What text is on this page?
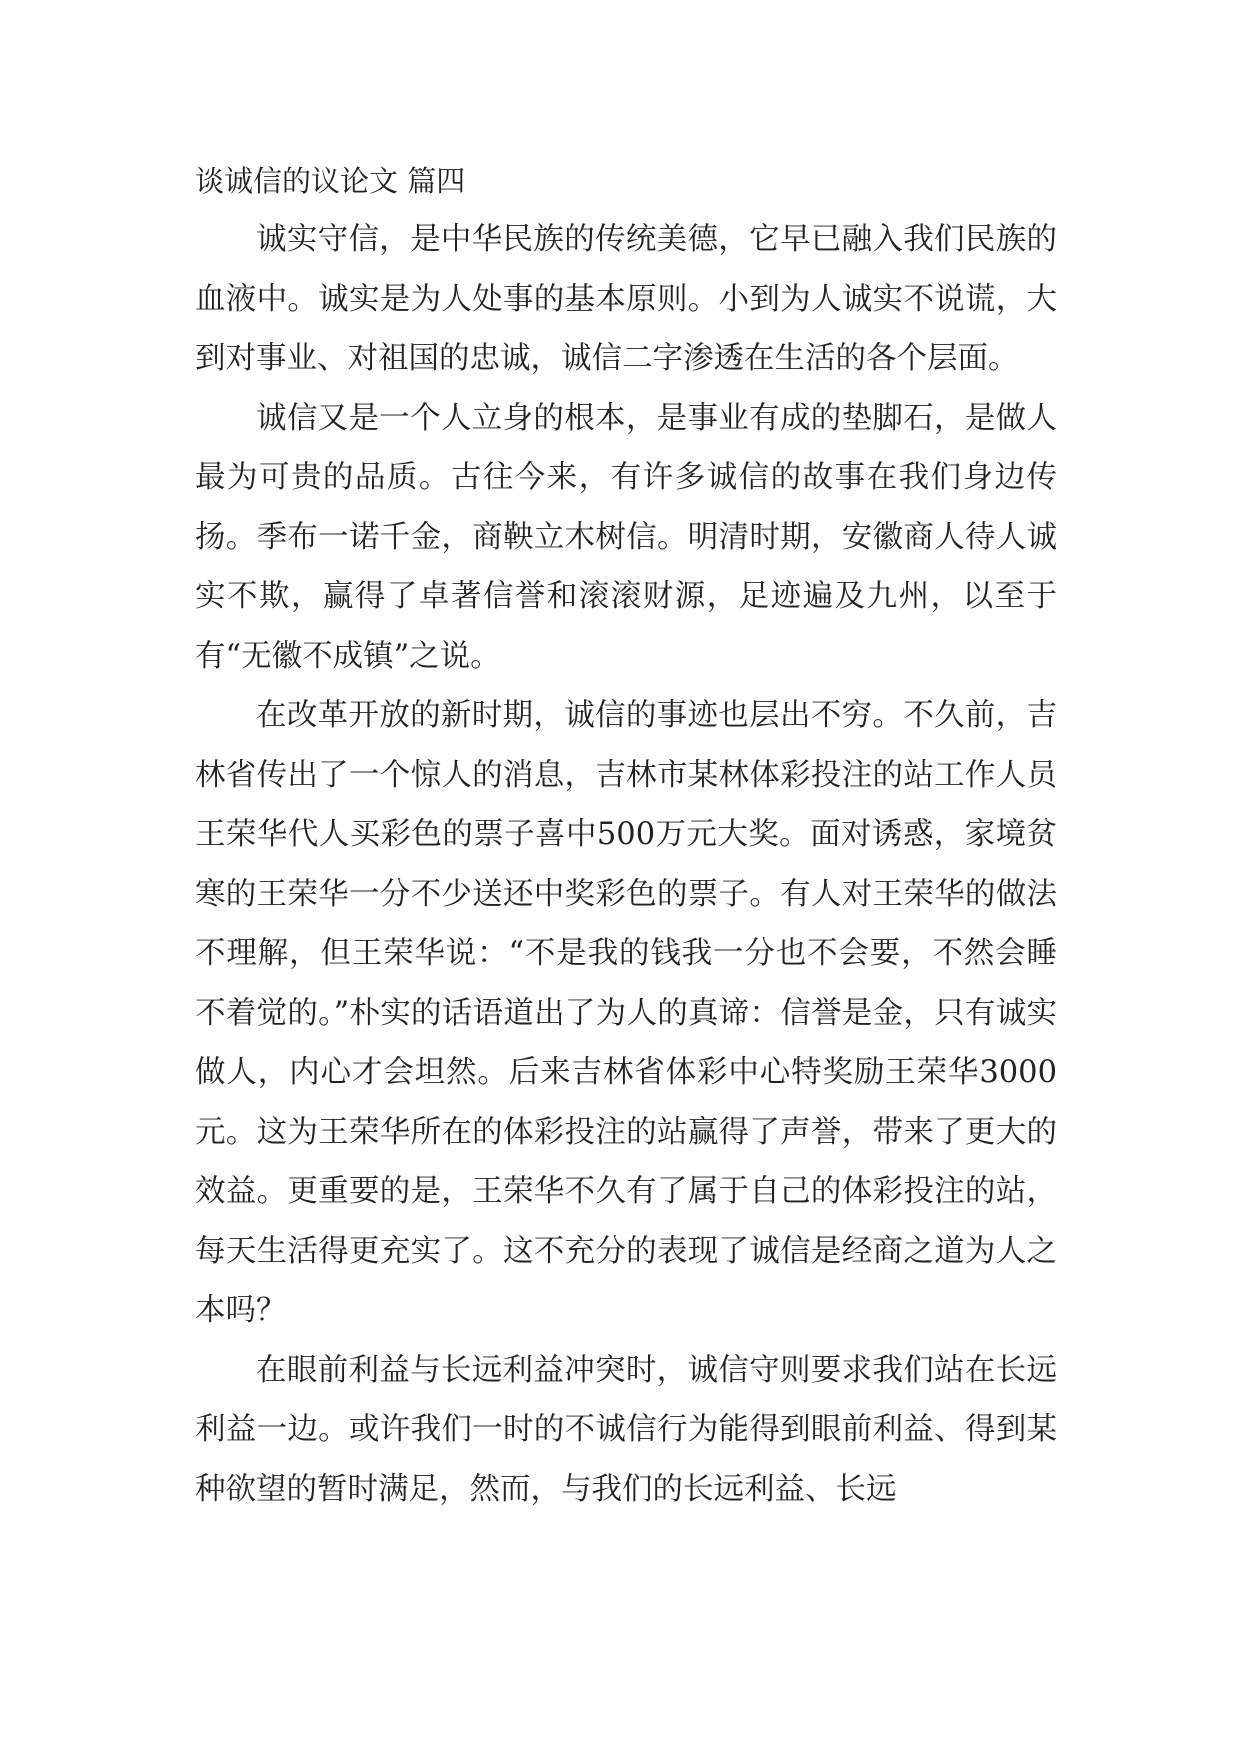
谈诚信的议论文 篇四

诚实守信，是中华民族的传统美德，它早已融入我们民族的血液中。诚实是为人处事的基本原则。小到为人诚实不说谎，大到对事业、对祖国的忠诚，诚信二字渗透在生活的各个层面。

诚信又是一个人立身的根本，是事业有成的垫脚石，是做人最为可贵的品质。古往今来，有许多诚信的故事在我们身边传扬。季布一诺千金，商鞅立木树信。明清时期，安徽商人待人诚实不欺，赢得了卓著信誉和滚滚财源，足迹遍及九州，以至于有“无徽不成镇”之说。

在改革开放的新时期，诚信的事迹也层出不穷。不久前，吉林省传出了一个惊人的消息，吉林市某林体彩投注的站工作人员王荣华代人买彩色的票子喜中500万元大奖。面对诱惑，家境贫寒的王荣华一分不少送还中奖彩色的票子。有人对王荣华的做法不理解，但王荣华说：“不是我的钱我一分也不会要，不然会睡不着觉的。”朴实的话语道出了为人的真谛：信誉是金，只有诚实做人，内心才会坦然。后来吉林省体彩中心特奖励王荣华3000元。这为王荣华所在的体彩投注的站赢得了声誉，带来了更大的效益。更重要的是，王荣华不久有了属于自己的体彩投注的站，每天生活得更充实了。这不充分的表现了诚信是经商之道为人之本吗？

在眼前利益与长远利益冲突时，诚信守则要求我们站在长远利益一边。或许我们一时的不诚信行为能得到眼前利益、得到某种欲望的暂时满足，然而，与我们的长远利益、长远
